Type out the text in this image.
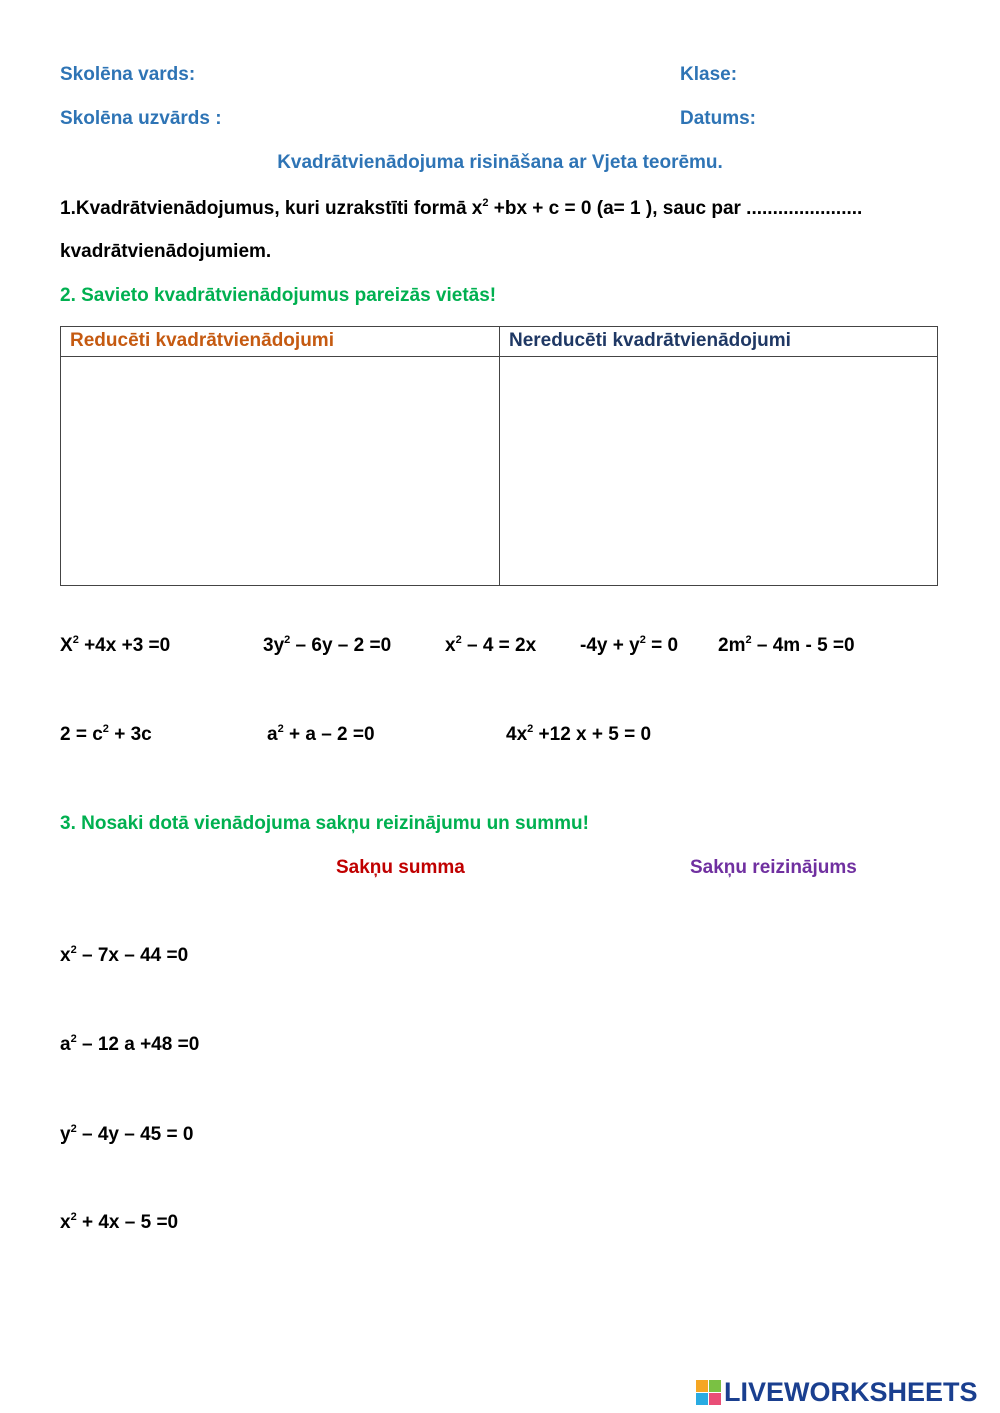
Skolēna vards:	Klase:
Skolēna uzvārds :	Datums:
Kvadrātvienādojuma risināšana ar Vjeta teorēmu.
1.Kvadrātvienādojumus, kuri uzrakstīti formā $x^2 +bx + c = 0$ (a= 1 ), sauc par ......................
kvadrātvienādojumiem.
2. Savieto kvadrātvienādojumus pareizās vietās!
Reducēti kvadrātvienādojumi	Nereducēti kvadrātvienādojumi
$X^2 +4x +3 =0$	$3y^2 - 6y - 2 =0$	$x^2 - 4 = 2x$ $-4y + y^2 = 0$ $2m^2 - 4m - 5 =0$
$2 = c^2 + 3c$	$a^2 + a - 2 =0$	$4x^2 +12$ x + 5 = 0
3. Nosaki dotā vienādojuma sakņu reizinājumu un summu!
Sakņu summa	Sakņu reizinājums
$x^2 - 7x - 44 =0$
$a^2 - 12$ a +48 =0
$y^2 - 4y - 45 = 0$
$x^2 + 4x - 5 =0$
LIVEWORKSHEETS
